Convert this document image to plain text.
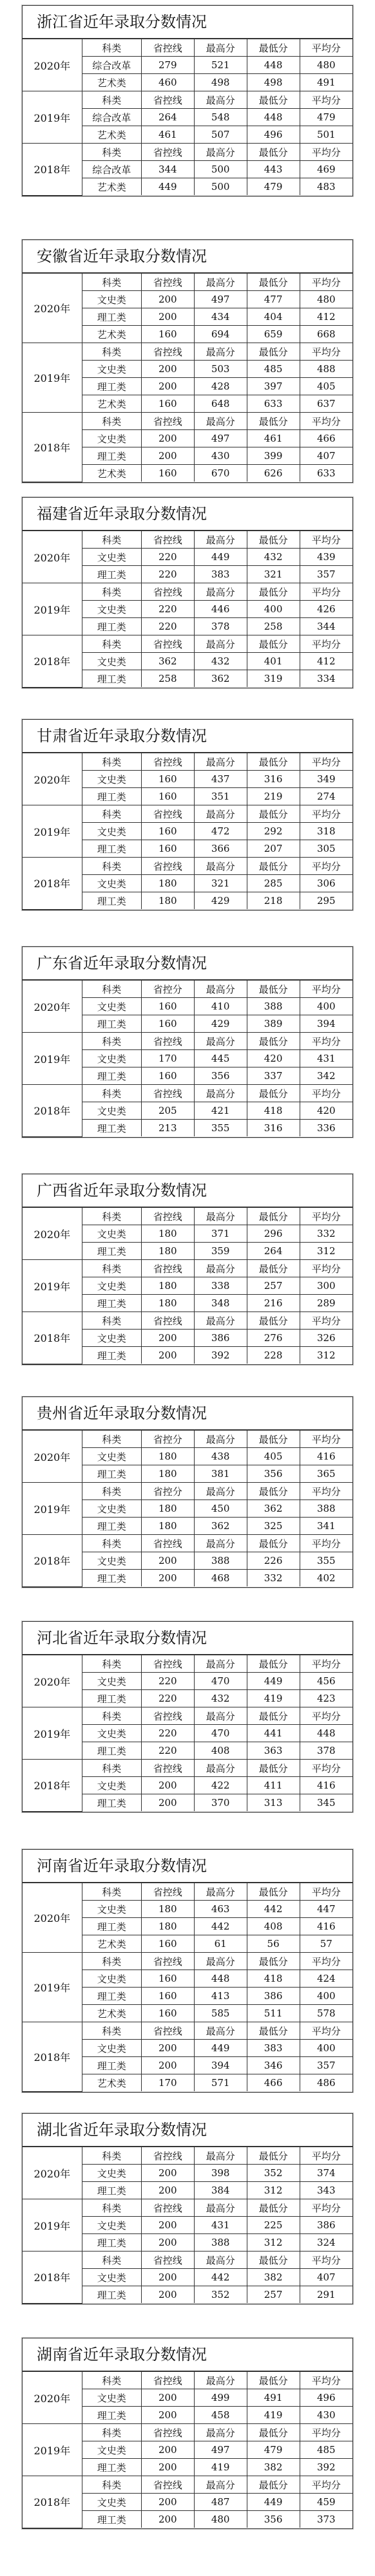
浙江省近年录取分数情况
2020年	科类	省控线	最高分	最低分	平均分
	综合改革	279	521	448	480
	艺术类	460	498	498	491
2019年	科类	省控线	最高分	最低分	平均分
	综合改革	264	548	448	479
	艺术类	461	507	496	501
2018年	科类	省控线	最高分	最低分	平均分
	综合改革	344	500	443	469
	艺术类	449	500	479	483
安徽省近年录取分数情况
2020年	科类	省控线	最高分	最低分	平均分
	文史类	200	497	477	480
	理工类	200	434	404	412
	艺术类	160	694	659	668
2019年	科类	省控线	最高分	最低分	平均分
	文史类	200	503	485	488
	理工类	200	428	397	405
	艺术类	160	648	633	637
2018年	科类	省控线	最高分	最低分	平均分
	文史类	200	497	461	466
	理工类	200	430	399	407
	艺术类	160	670	626	633
福建省近年录取分数情况
2020年	科类	省控线	最高分	最低分	平均分
	文史类	220	449	432	439
	理工类	220	383	321	357
2019年	科类	省控线	最高分	最低分	平均分
	文史类	220	446	400	426
	理工类	220	378	258	344
2018年	科类	省控线	最高分	最低分	平均分
	文史类	362	432	401	412
	理工类	258	362	319	334
甘肃省近年录取分数情况
2020年	科类	省控线	最高分	最低分	平均分
	文史类	160	437	316	349
	理工类	160	351	219	274
2019年	科类	省控线	最高分	最低分	平均分
	文史类	160	472	292	318
	理工类	160	366	207	305
2018年	科类	省控线	最高分	最低分	平均分
	文史类	180	321	285	306
	理工类	180	429	218	295
广东省近年录取分数情况
2020年	科类	省控分	最高分	最低分	平均分
	文史类	160	410	388	400
	理工类	160	429	389	394
2019年	科类	省控线	最高分	最低分	平均分
	文史类	170	445	420	431
	理工类	160	356	337	342
2018年	科类	省控线	最高分	最低分	平均分
	文史类	205	421	418	420
	理工类	213	355	316	336
广西省近年录取分数情况
2020年	科类	省控线	最高分	最低分	平均分
	文史类	180	371	296	332
	理工类	180	359	264	312
2019年	科类	省控线	最高分	最低分	平均分
	文史类	180	338	257	300
	理工类	180	348	216	289
2018年	科类	省控线	最高分	最低分	平均分
	文史类	200	386	276	326
	理工类	200	392	228	312
贵州省近年录取分数情况
2020年	科类	省控分	最高分	最低分	平均分
	文史类	180	438	405	416
	理工类	180	381	356	365
2019年	科类	省控分	最高分	最低分	平均分
	文史类	180	450	362	388
	理工类	180	362	325	341
2018年	科类	省控线	最高分	最低分	平均分
	文史类	200	388	226	355
	理工类	200	468	332	402
河北省近年录取分数情况
2020年	科类	省控线	最高分	最低分	平均分
	文史类	220	470	449	456
	理工类	220	432	419	423
2019年	科类	省控线	最高分	最低分	平均分
	文史类	220	470	441	448
	理工类	220	408	363	378
2018年	科类	省控线	最高分	最低分	平均分
	文史类	200	422	411	416
	理工类	200	370	313	345
河南省近年录取分数情况
2020年	科类	省控线	最高分	最低分	平均分
	文史类	180	463	442	447
	理工类	180	442	408	416
	艺术类	160	61	56	57
2019年	科类	省控线	最高分	最低分	平均分
	文史类	160	448	418	424
	理工类	160	413	386	400
	艺术类	160	585	511	578
2018年	科类	省控线	最高分	最低分	平均分
	文史类	200	449	383	400
	理工类	200	394	346	357
	艺术类	170	571	466	486
湖北省近年录取分数情况
2020年	科类	省控线	最高分	最低分	平均分
	文史类	200	398	352	374
	理工类	200	384	312	343
2019年	科类	省控线	最高分	最低分	平均分
	文史类	200	431	225	386
	理工类	200	388	312	324
2018年	科类	省控线	最高分	最低分	平均分
	文史类	200	442	382	407
	理工类	200	352	257	291
湖南省近年录取分数情况
2020年	科类	省控线	最高分	最低分	平均分
	文史类	200	499	491	496
	理工类	200	458	419	430
2019年	科类	省控线	最高分	最低分	平均分
	文史类	200	497	479	485
	理工类	200	419	382	392
2018年	科类	省控线	最高分	最低分	平均分
	文史类	200	487	449	459
	理工类	200	480	356	373
